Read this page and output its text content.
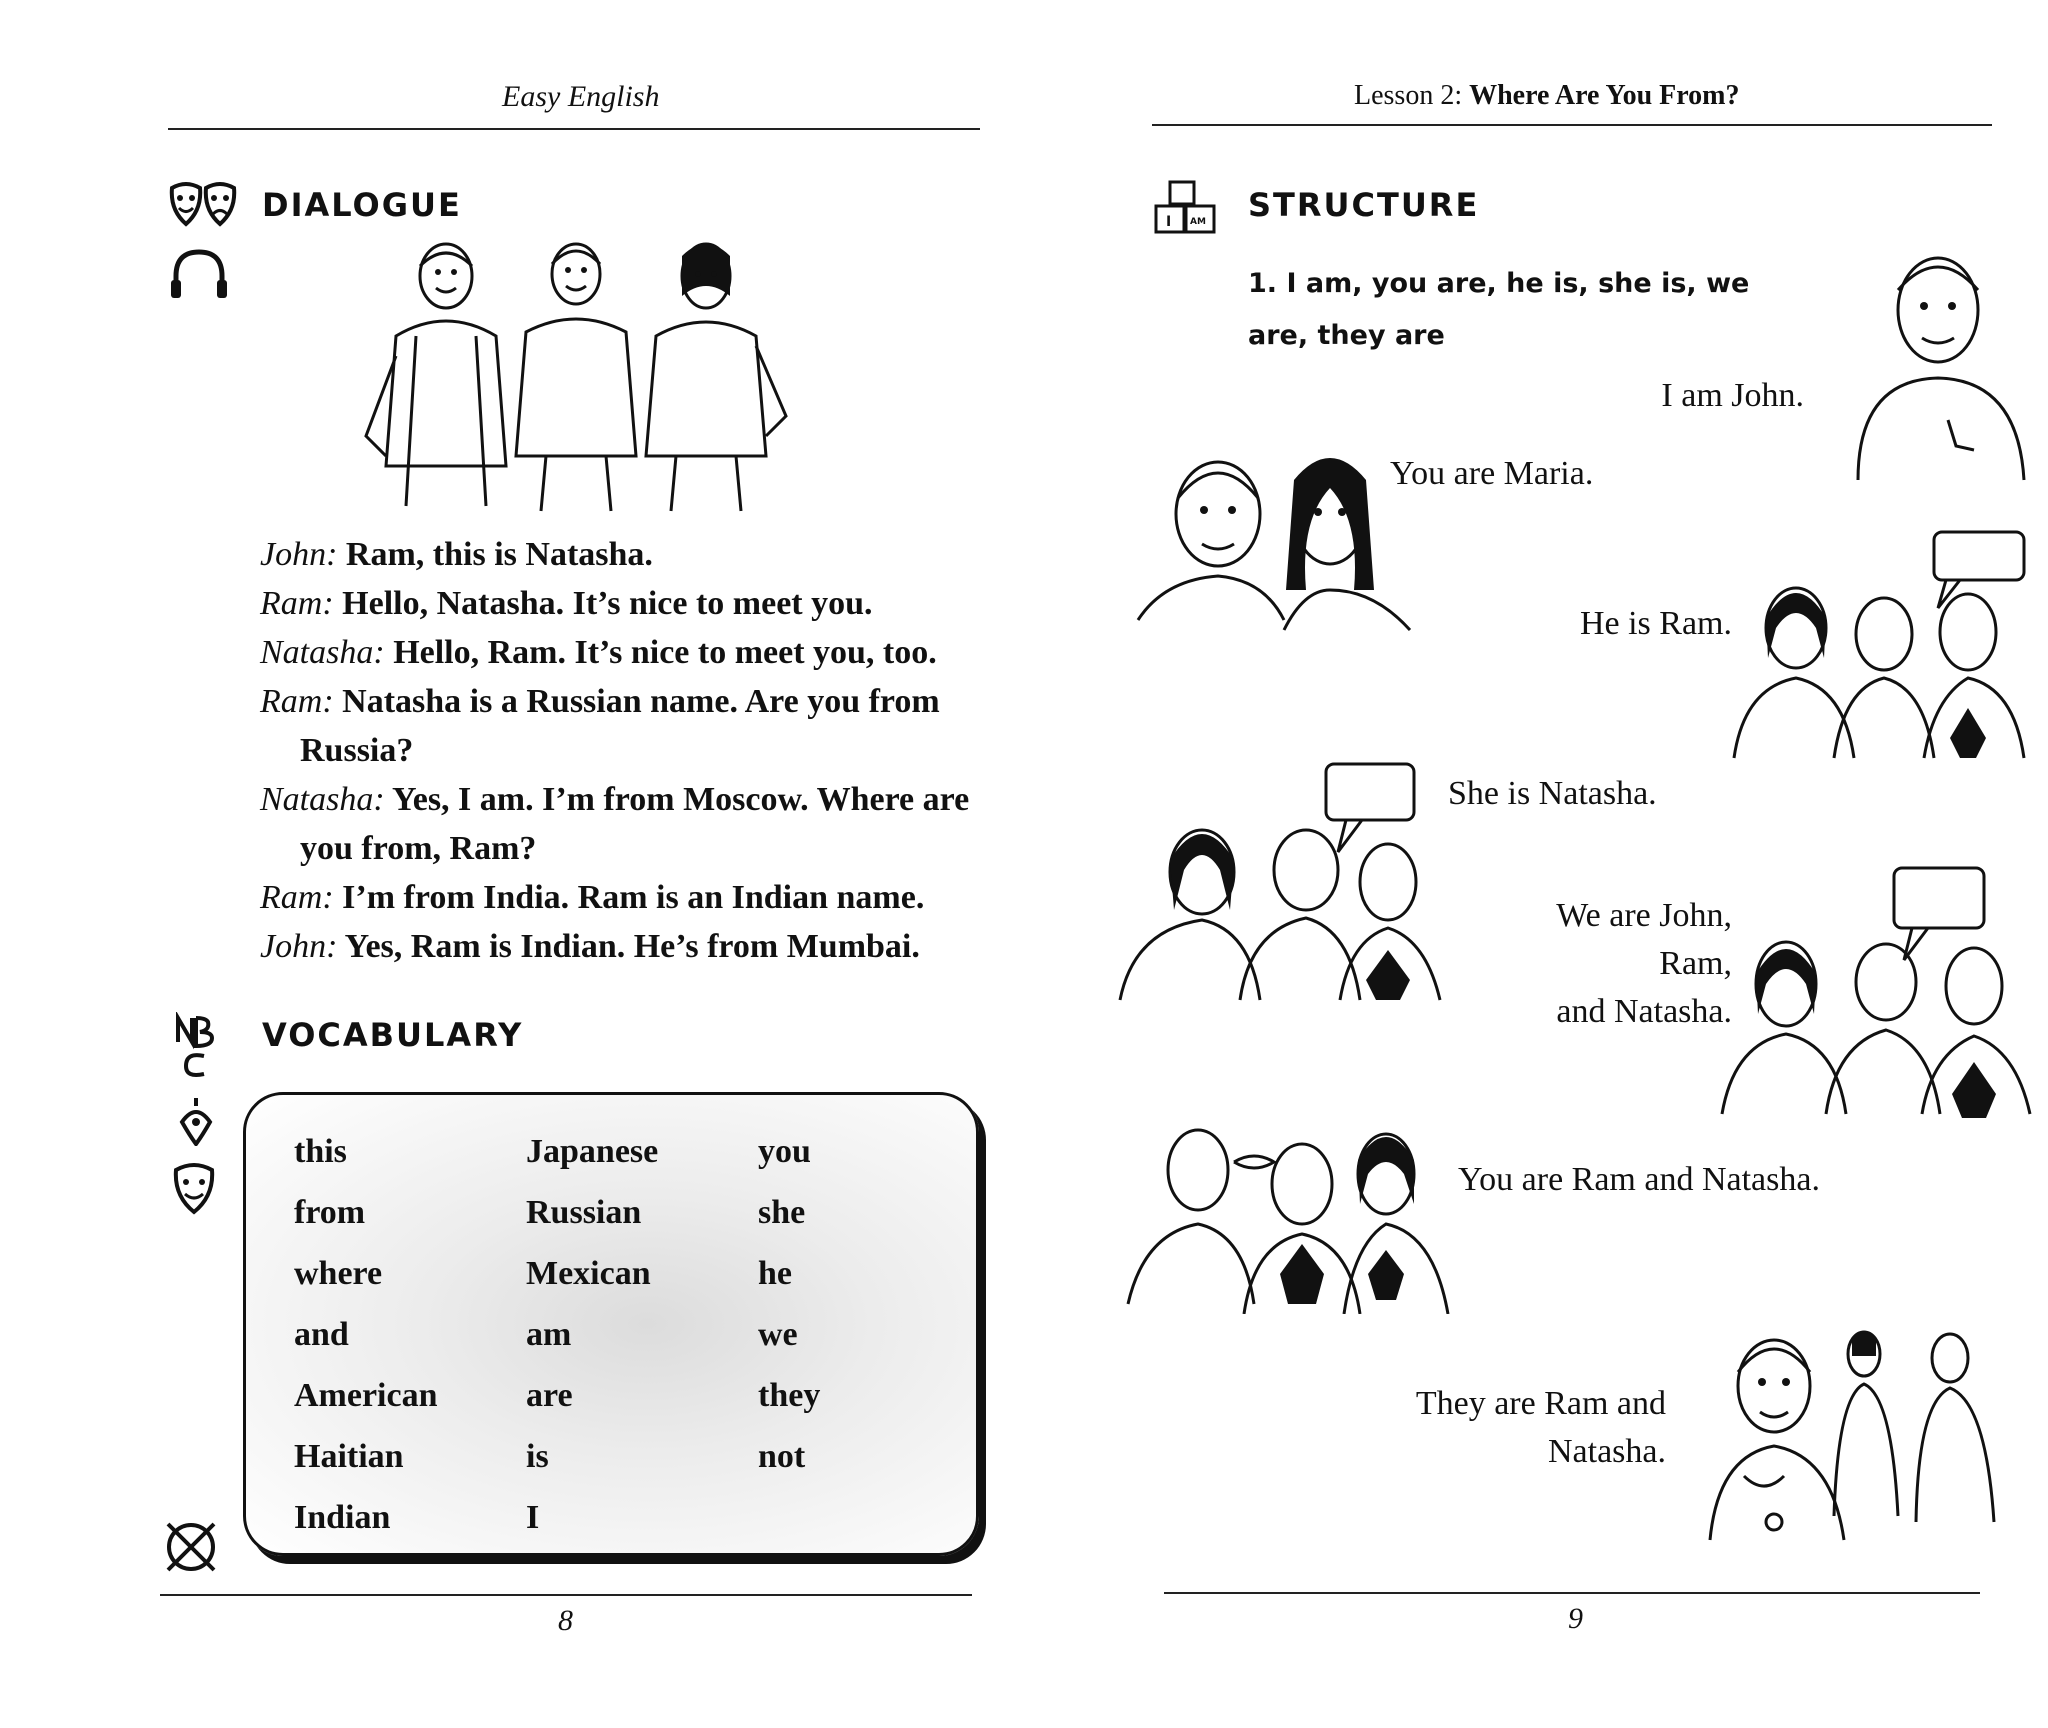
Easy English
DIALOGUE

John: Ram, this is Natasha.

Ram: Hello, Natasha. It’s nice to meet you.

Natasha: Hello, Ram. It’s nice to meet you, too.

Ram: Natasha is a Russian name. Are you from Russia?

Natasha: Yes, I am. I’m from Moscow. Where are you from, Ram?

Ram: I’m from India. Ram is an Indian name.

John: Yes, Ram is Indian. He’s from Mumbai.

VOCABULARY
this
from
where
and
American
Haitian
Indian
Japanese
Russian
Mexican
am
are
is
I
you
she
he
we
they
not
8
Lesson 2: Where Are You From?
I AM STRUCTURE
1. I am, you are, he is, she is, we are, they are
I am John.
You are Maria.
He is Ram.
She is Natasha.
We are John,
Ram,
and Natasha.
You are Ram and Natasha.
They are Ram and
Natasha.
9
